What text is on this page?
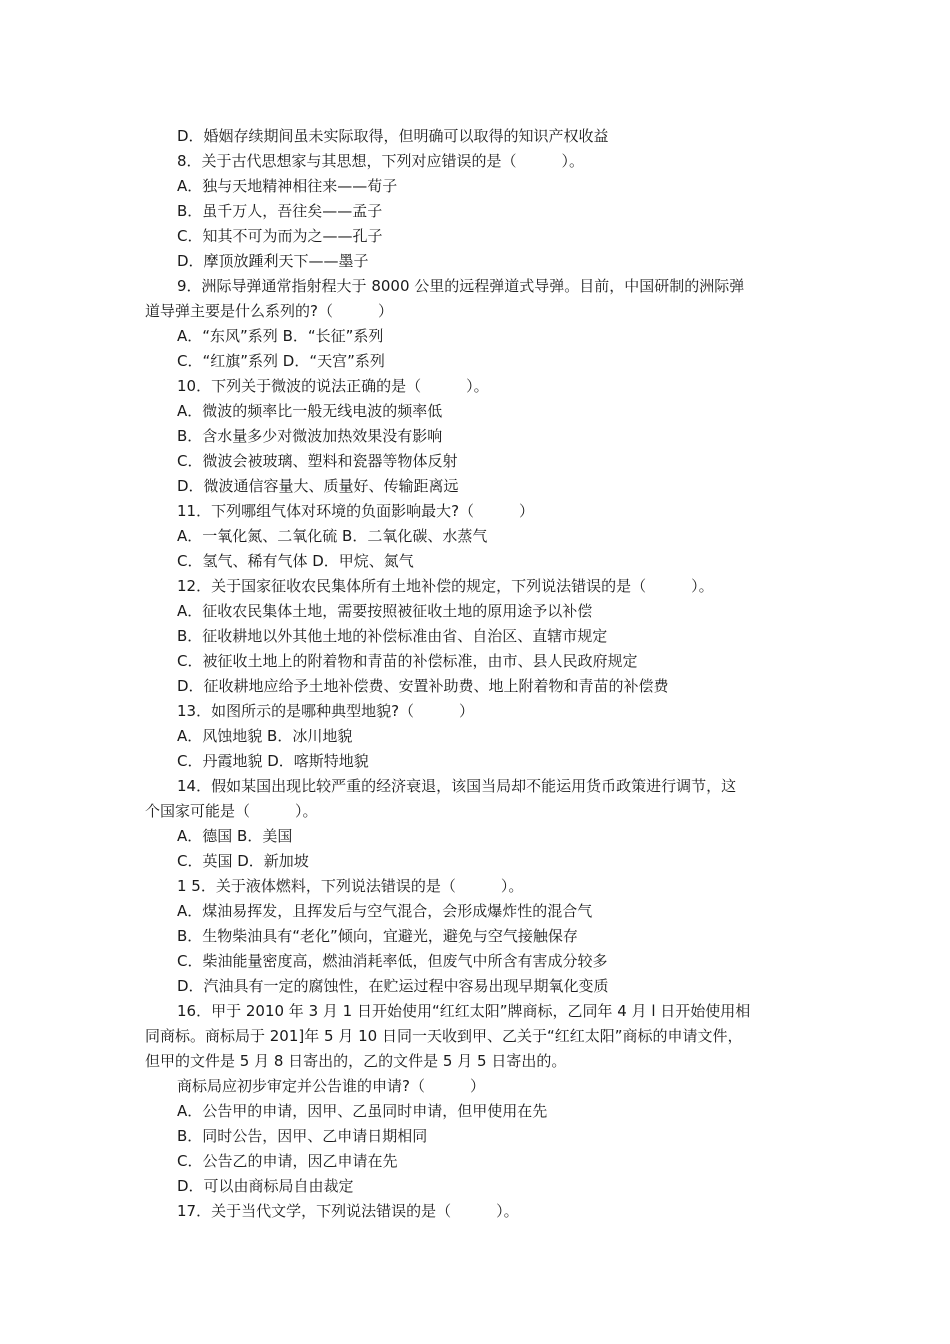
D．婚姻存续期间虽未实际取得，但明确可以取得的知识产权收益
8．关于古代思想家与其思想，下列对应错误的是（　　　）。
A．独与天地精神相往来——荀子
B．虽千万人，吾往矣——孟子
C．知其不可为而为之——孔子
D．摩顶放踵利天下——墨子
9．洲际导弹通常指射程大于 8000 公里的远程弹道式导弹。目前，中国研制的洲际弹
道导弹主要是什么系列的?（　　　）
A．“东风”系列 B．“长征”系列
C．“红旗”系列 D．“天宫”系列
10．下列关于微波的说法正确的是（　　　）。
A．微波的频率比一般无线电波的频率低
B．含水量多少对微波加热效果没有影响
C．微波会被玻璃、塑料和瓷器等物体反射
D．微波通信容量大、质量好、传输距离远
11．下列哪组气体对环境的负面影响最大?（　　　）
A．一氧化氮、二氧化硫 B．二氧化碳、水蒸气
C．氢气、稀有气体 D．甲烷、氮气
12．关于国家征收农民集体所有土地补偿的规定，下列说法错误的是（　　　）。
A．征收农民集体土地，需要按照被征收土地的原用途予以补偿
B．征收耕地以外其他土地的补偿标准由省、自治区、直辖市规定
C．被征收土地上的附着物和青苗的补偿标准，由市、县人民政府规定
D．征收耕地应给予土地补偿费、安置补助费、地上附着物和青苗的补偿费
13．如图所示的是哪种典型地貌?（　　　）
A．风蚀地貌 B．冰川地貌
C．丹霞地貌 D．喀斯特地貌
14．假如某国出现比较严重的经济衰退，该国当局却不能运用货币政策进行调节，这
个国家可能是（　　　）。
A．德国 B．美国
C．英国 D．新加坡
1 5．关于液体燃料，下列说法错误的是（　　　）。
A．煤油易挥发，且挥发后与空气混合，会形成爆炸性的混合气
B．生物柴油具有“老化”倾向，宜避光，避免与空气接触保存
C．柴油能量密度高，燃油消耗率低，但废气中所含有害成分较多
D．汽油具有一定的腐蚀性，在贮运过程中容易出现早期氧化变质
16．甲于 2010 年 3 月 1 日开始使用“红红太阳”牌商标，乙同年 4 月 l 日开始使用相
同商标。商标局于 201]年 5 月 10 日同一天收到甲、乙关于“红红太阳”商标的申请文件，
但甲的文件是 5 月 8 日寄出的，乙的文件是 5 月 5 日寄出的。
商标局应初步审定并公告谁的申请?（　　　）
A．公告甲的申请，因甲、乙虽同时申请，但甲使用在先
B．同时公告，因甲、乙申请日期相同
C．公告乙的申请，因乙申请在先
D．可以由商标局自由裁定
17．关于当代文学，下列说法错误的是（　　　）。
